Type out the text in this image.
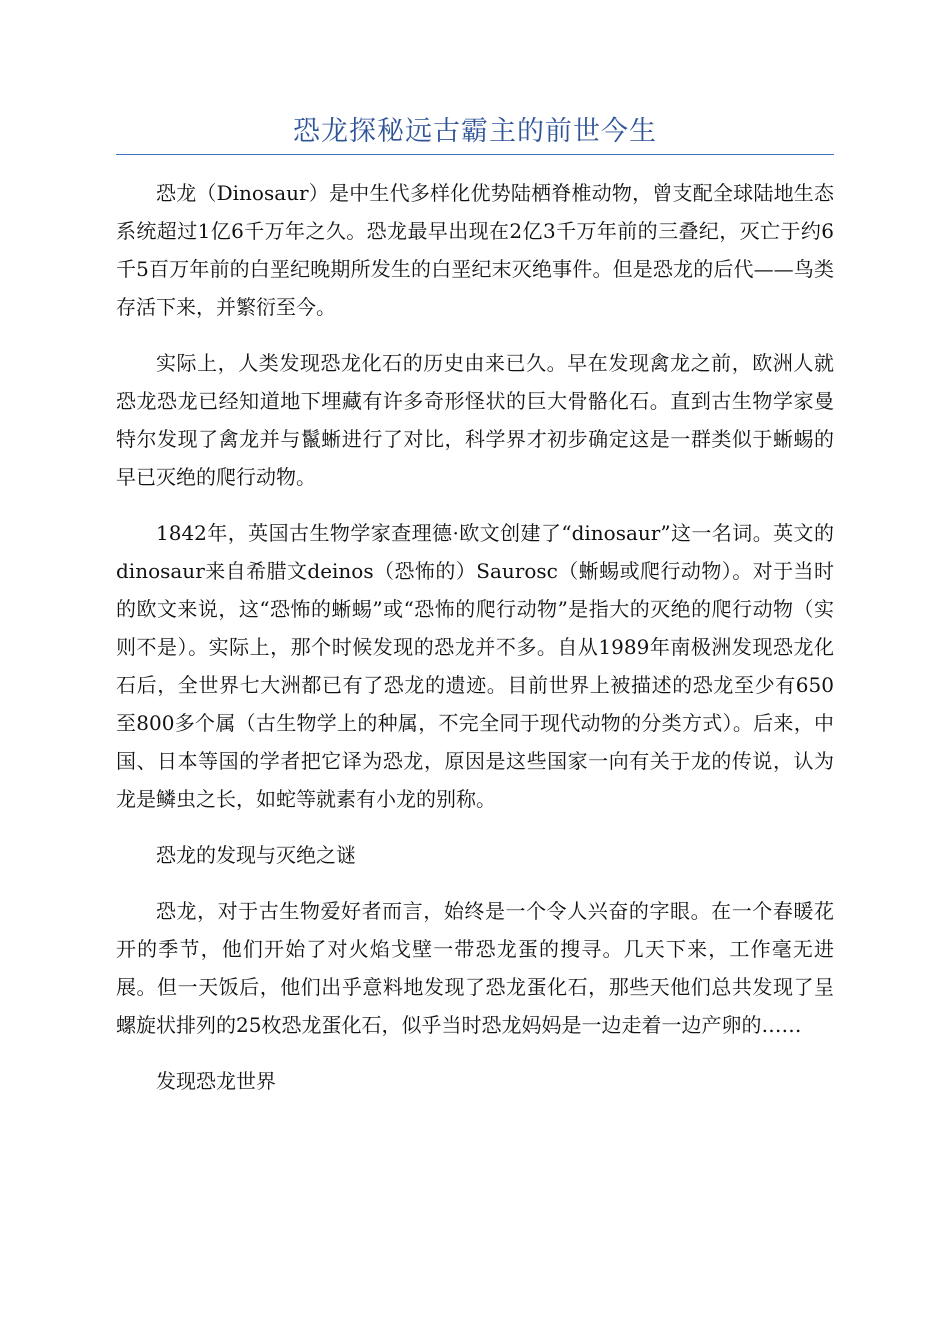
恐龙探秘远古霸主的前世今生

恐龙（Dinosaur）是中生代多样化优势陆栖脊椎动物，曾支配全球陆地生态系统超过1亿6千万年之久。恐龙最早出现在2亿3千万年前的三叠纪，灭亡于约6千5百万年前的白垩纪晚期所发生的白垩纪末灭绝事件。但是恐龙的后代——鸟类存活下来，并繁衍至今。

实际上，人类发现恐龙化石的历史由来已久。早在发现禽龙之前，欧洲人就恐龙恐龙已经知道地下埋藏有许多奇形怪状的巨大骨骼化石。直到古生物学家曼特尔发现了禽龙并与鬣蜥进行了对比，科学界才初步确定这是一群类似于蜥蜴的早已灭绝的爬行动物。

1842年，英国古生物学家查理德·欧文创建了“dinosaur”这一名词。英文的dinosaur来自希腊文deinos（恐怖的）Saurosc（蜥蜴或爬行动物）。对于当时的欧文来说，这“恐怖的蜥蜴”或“恐怖的爬行动物”是指大的灭绝的爬行动物（实则不是）。实际上，那个时候发现的恐龙并不多。自从1989年南极洲发现恐龙化石后，全世界七大洲都已有了恐龙的遗迹。目前世界上被描述的恐龙至少有650至800多个属（古生物学上的种属，不完全同于现代动物的分类方式）。后来，中国、日本等国的学者把它译为恐龙，原因是这些国家一向有关于龙的传说，认为龙是鳞虫之长，如蛇等就素有小龙的别称。

恐龙的发现与灭绝之谜

恐龙，对于古生物爱好者而言，始终是一个令人兴奋的字眼。在一个春暖花开的季节，他们开始了对火焰戈壁一带恐龙蛋的搜寻。几天下来，工作毫无进展。但一天饭后，他们出乎意料地发现了恐龙蛋化石，那些天他们总共发现了呈螺旋状排列的25枚恐龙蛋化石，似乎当时恐龙妈妈是一边走着一边产卵的……

发现恐龙世界
